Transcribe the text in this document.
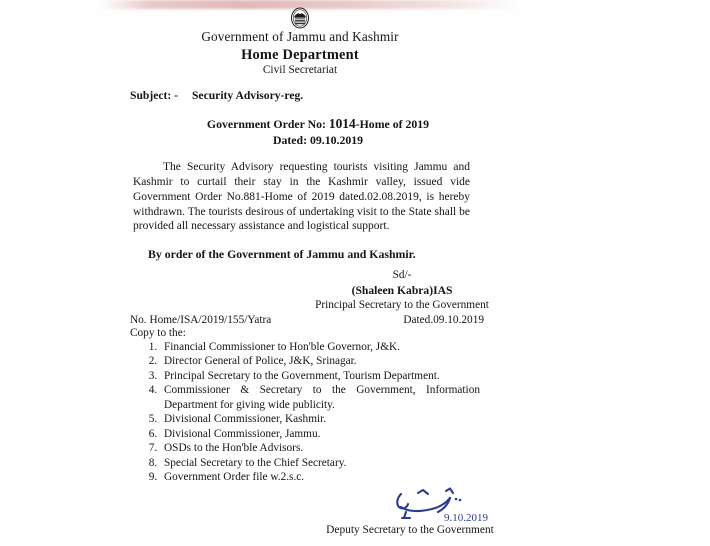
Government of Jammu and Kashmir
Home Department
Civil Secretariat
Subject: - Security Advisory-reg.
Government Order No: 1014-Home of 2019
Dated: 09.10.2019
The Security Advisory requesting tourists visiting Jammu and Kashmir to curtail their stay in the Kashmir valley, issued vide Government Order No.881-Home of 2019 dated.02.08.2019, is hereby withdrawn. The tourists desirous of undertaking visit to the State shall be provided all necessary assistance and logistical support.
By order of the Government of Jammu and Kashmir.
Sd/-
(Shaleen Kabra)IAS
Principal Secretary to the Government
No. Home/ISA/2019/155/Yatra	Dated.09.10.2019
Copy to the:
1. Financial Commissioner to Hon'ble Governor, J&K.
2. Director General of Police, J&K, Srinagar.
3. Principal Secretary to the Government, Tourism Department.
4. Commissioner & Secretary to the Government, Information Department for giving wide publicity.
5. Divisional Commissioner, Kashmir.
6. Divisional Commissioner, Jammu.
7. OSDs to the Hon'ble Advisors.
8. Special Secretary to the Chief Secretary.
9. Government Order file w.2.s.c.
9.10.2019
Deputy Secretary to the Government
